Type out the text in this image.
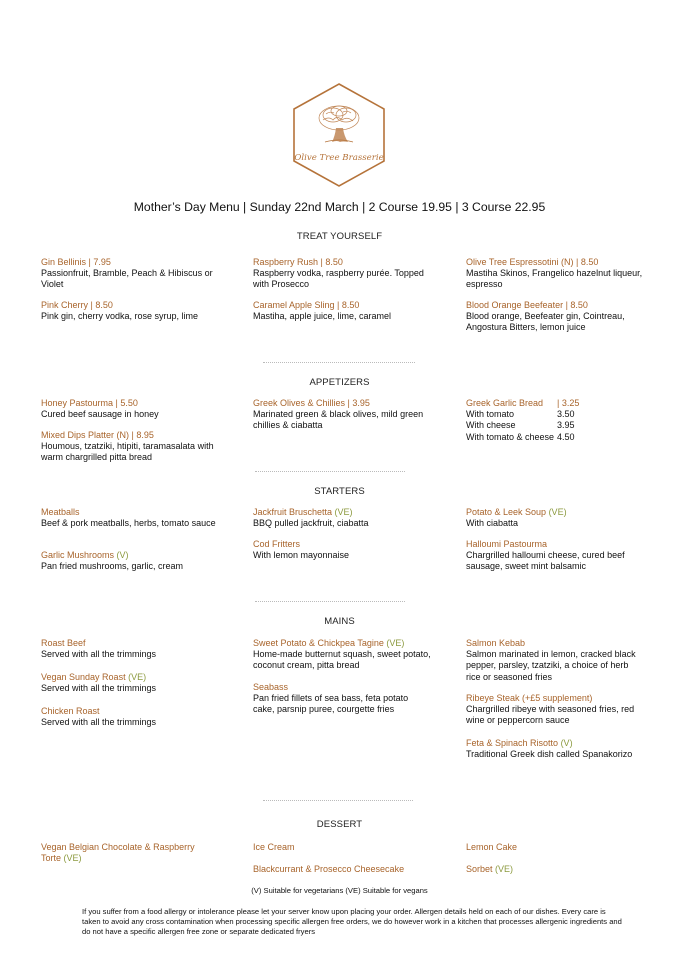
Olive Tree Brasserie
Mother’s Day Menu | Sunday 22nd March | 2 Course 19.95 | 3 Course 22.95
TREAT YOURSELF
Gin Bellinis | 7.95
Passionfruit, Bramble, Peach & Hibiscus or Violet
Pink Cherry | 8.50
Pink gin, cherry vodka, rose syrup, lime
Raspberry Rush | 8.50
Raspberry vodka, raspberry purée. Topped with Prosecco
Caramel Apple Sling | 8.50
Mastiha, apple juice, lime, caramel
Olive Tree Espressotini (N) | 8.50
Mastiha Skinos, Frangelico hazelnut liqueur, espresso
Blood Orange Beefeater | 8.50
Blood orange, Beefeater gin, Cointreau, Angostura Bitters, lemon juice
APPETIZERS
Honey Pastourma | 5.50
Cured beef sausage in honey
Mixed Dips Platter (N) | 8.95
Houmous, tzatziki, htipiti, taramasalata with warm chargrilled pitta bread
Greek Olives & Chillies | 3.95
Marinated green & black olives, mild green chillies & ciabatta
Greek Garlic Bread	| 3.25
With tomato	3.50
With cheese	3.95
With tomato & cheese 4.50
STARTERS
Meatballs
Beef & pork meatballs, herbs, tomato sauce
Garlic Mushrooms (V)
Pan fried mushrooms, garlic, cream
Jackfruit Bruschetta (VE)
BBQ pulled jackfruit, ciabatta
Cod Fritters
With lemon mayonnaise
Potato & Leek Soup (VE)
With ciabatta
Halloumi Pastourma
Chargrilled halloumi cheese, cured beef sausage, sweet mint balsamic
MAINS
Roast Beef
Served with all the trimmings
Vegan Sunday Roast (VE)
Served with all the trimmings
Chicken Roast
Served with all the trimmings
Sweet Potato & Chickpea Tagine (VE)
Home-made butternut squash, sweet potato, coconut cream, pitta bread
Seabass
Pan fried fillets of sea bass, feta potato cake, parsnip puree, courgette fries
Salmon Kebab
Salmon marinated in lemon, cracked black pepper, parsley, tzatziki, a choice of herb rice or seasoned fries
Ribeye Steak (+£5 supplement)
Chargrilled ribeye with seasoned fries, red wine or peppercorn sauce
Feta & Spinach Risotto (V)
Traditional Greek dish called Spanakorizo
DESSERT
Vegan Belgian Chocolate & Raspberry Torte (VE)
Ice Cream
Blackcurrant & Prosecco Cheesecake
Lemon Cake
Sorbet (VE)
(V) Suitable for vegetarians (VE) Suitable for vegans
If you suffer from a food allergy or intolerance please let your server know upon placing your order. Allergen details held on each of our dishes. Every care is taken to avoid any cross contamination when processing specific allergen free orders, we do however work in a kitchen that processes allergenic ingredients and do not have a specific allergen free zone or separate dedicated fryers
